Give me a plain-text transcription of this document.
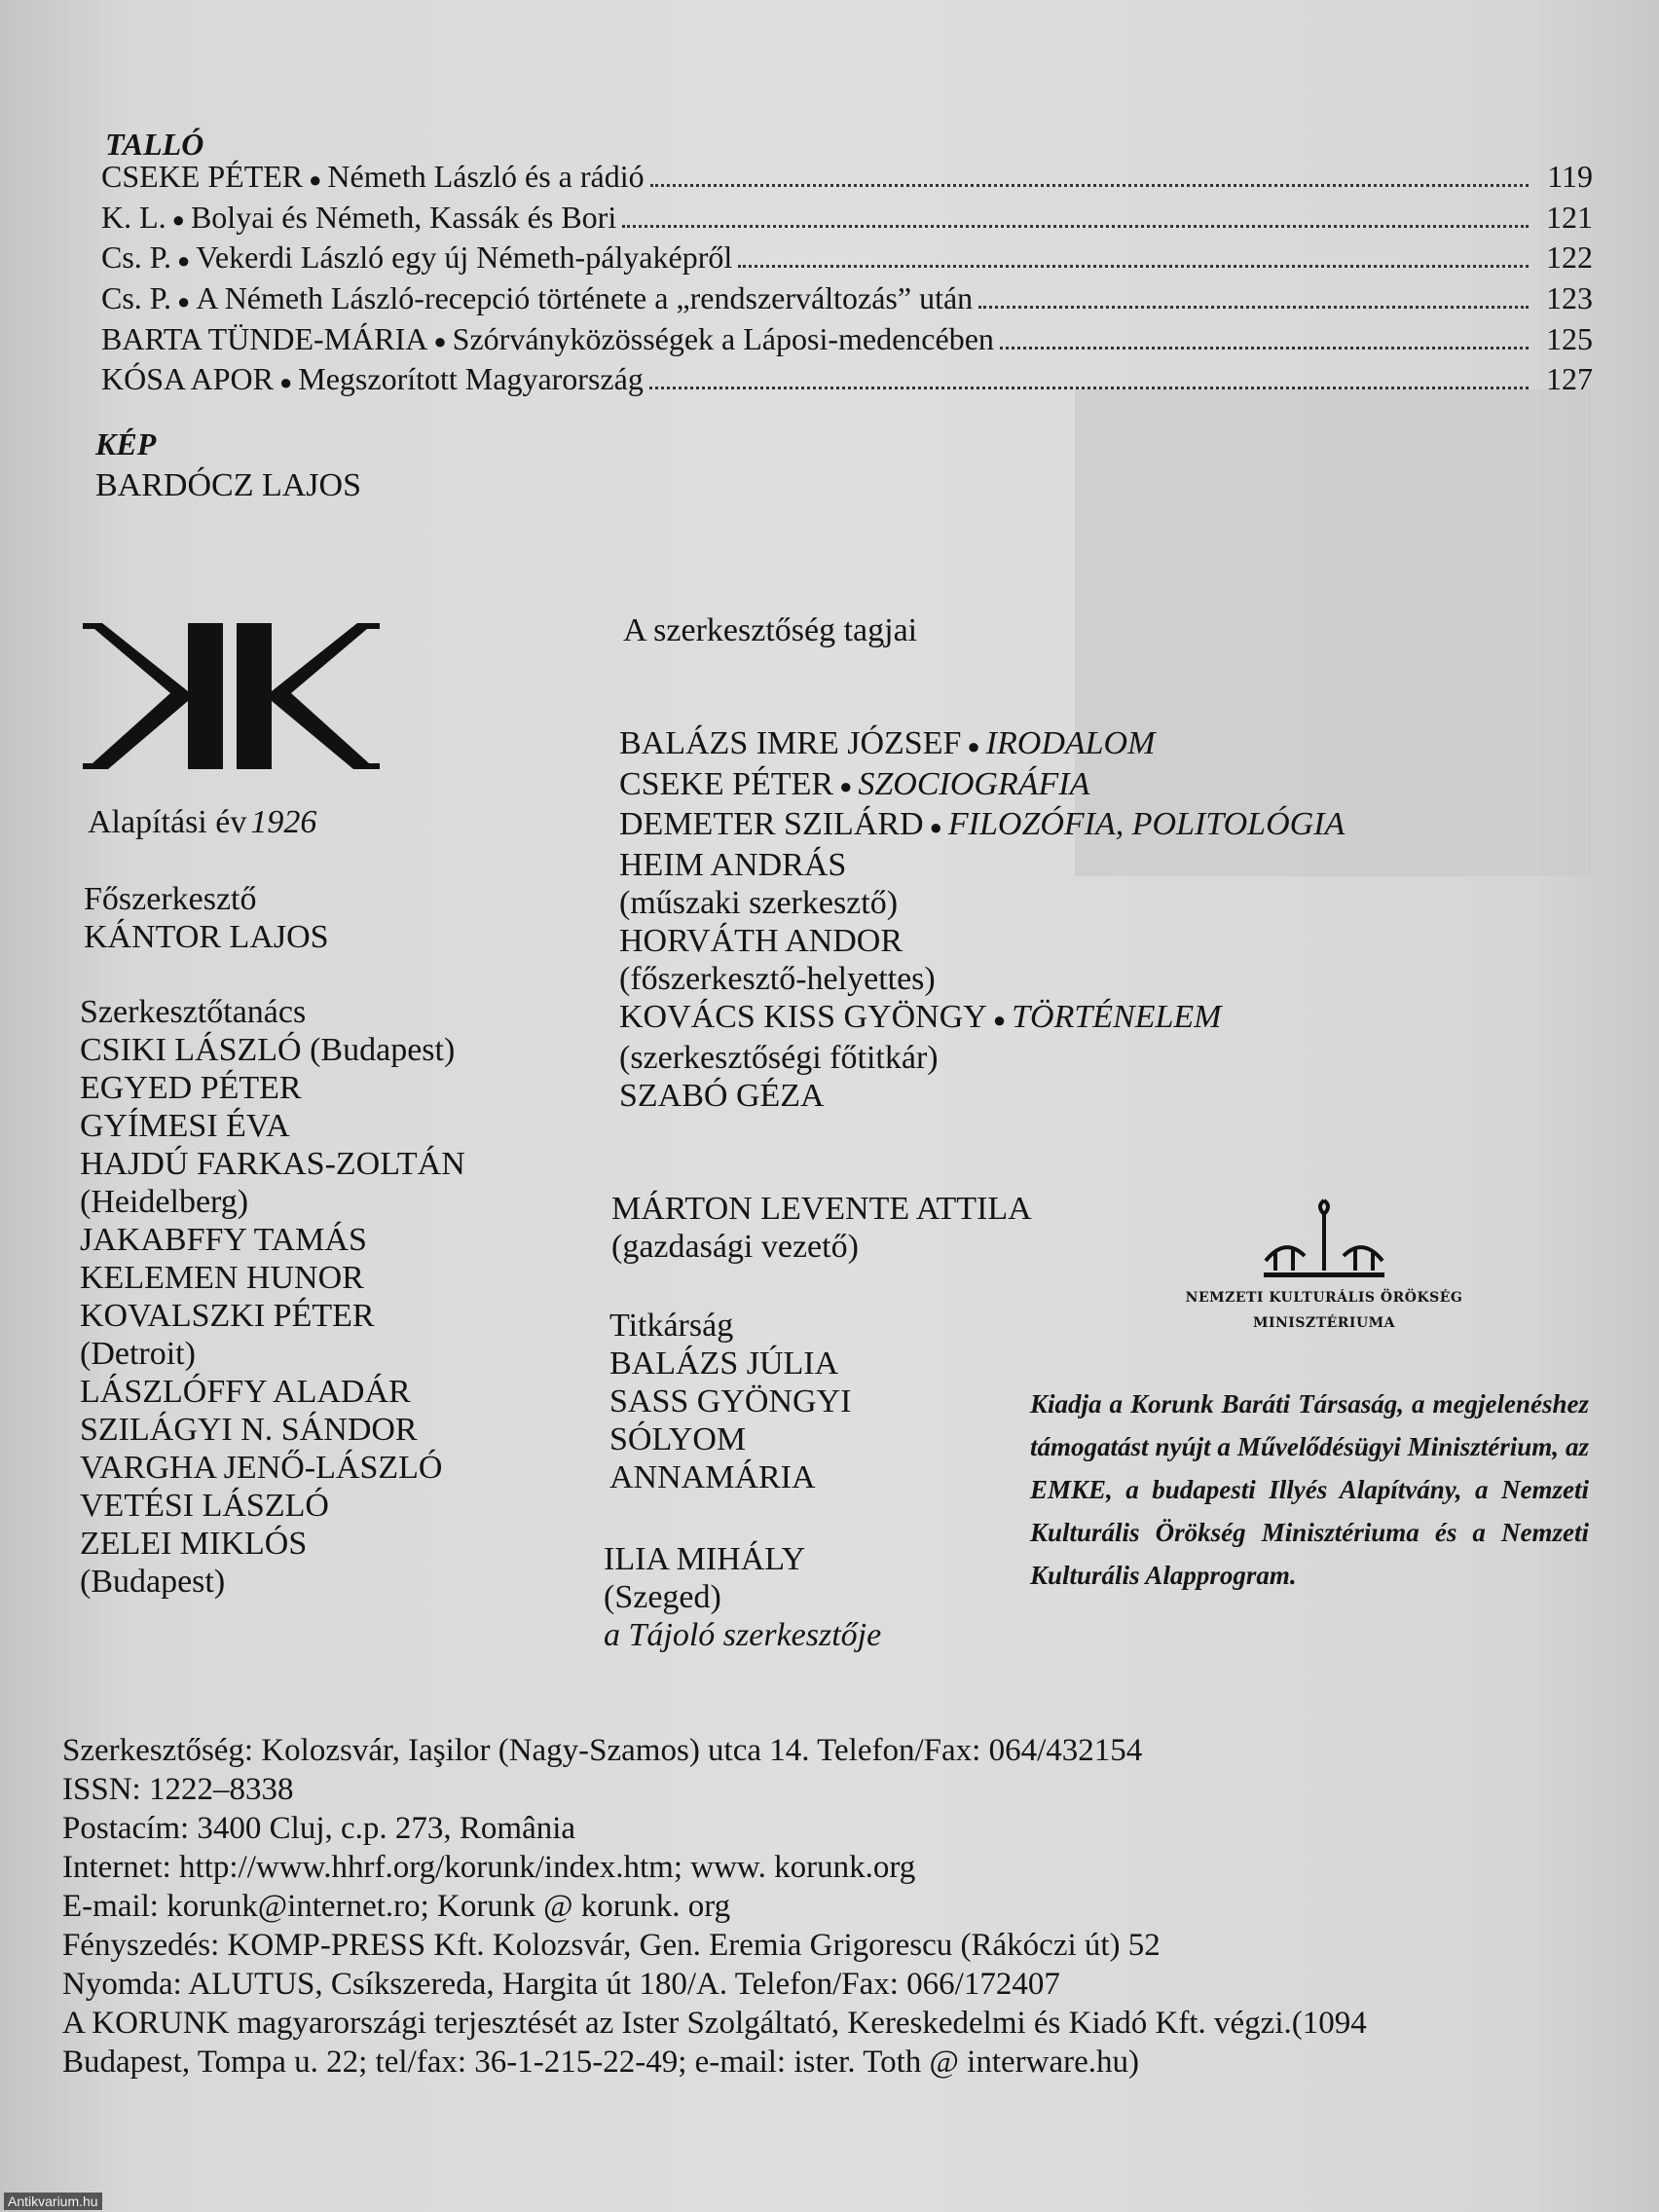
TALLÓ
CSEKE PÉTER ● Németh László és a rádió	119
K. L. ● Bolyai és Németh, Kassák és Bori	121
Cs. P. ● Vekerdi László egy új Németh-pályaképről	122
Cs. P. ● A Németh László-recepció története a „rendszerváltozás” után	123
BARTA TÜNDE-MÁRIA ● Szórványközösségek a Láposi-medencében	125
KÓSA APOR ● Megszorított Magyarország	127
KÉP
BARDÓCZ LAJOS
Alapítási év 1926
Főszerkesztő
KÁNTOR LAJOS
Szerkesztőtanács
CSIKI LÁSZLÓ (Budapest)
EGYED PÉTER
GYÍMESI ÉVA
HAJDÚ FARKAS-ZOLTÁN
(Heidelberg)
JAKABFFY TAMÁS
KELEMEN HUNOR
KOVALSZKI PÉTER
(Detroit)
LÁSZLÓFFY ALADÁR
SZILÁGYI N. SÁNDOR
VARGHA JENŐ-LÁSZLÓ
VETÉSI LÁSZLÓ
ZELEI MIKLÓS
(Budapest)
A szerkesztőség tagjai
BALÁZS IMRE JÓZSEF ● IRODALOM
CSEKE PÉTER ● SZOCIOGRÁFIA
DEMETER SZILÁRD ● FILOZÓFIA, POLITOLÓGIA
HEIM ANDRÁS
(műszaki szerkesztő)
HORVÁTH ANDOR
(főszerkesztő-helyettes)
KOVÁCS KISS GYÖNGY ● TÖRTÉNELEM
(szerkesztőségi főtitkár)
SZABÓ GÉZA
MÁRTON LEVENTE ATTILA
(gazdasági vezető)
Titkárság
BALÁZS JÚLIA
SASS GYÖNGYI
SÓLYOM
ANNAMÁRIA
ILIA MIHÁLY
(Szeged)
a Tájoló szerkesztője
NEMZETI KULTURÁLIS ÖRÖKSÉG
MINISZTÉRIUMA
Kiadja a Korunk Baráti Társaság, a megjelenéshez támogatást nyújt a Művelődésügyi Minisztérium, az EMKE, a budapesti Illyés Alapítvány, a Nemzeti Kulturális Örökség Minisztériuma és a Nemzeti Kulturális Alapprogram.
Szerkesztőség: Kolozsvár, Iaşilor (Nagy-Szamos) utca 14. Telefon/Fax: 064/432154
ISSN: 1222–8338
Postacím: 3400 Cluj, c.p. 273, România
Internet: http://www.hhrf.org/korunk/index.htm; www. korunk.org
E-mail: korunk@internet.ro; Korunk @ korunk. org
Fényszedés: KOMP-PRESS Kft. Kolozsvár, Gen. Eremia Grigorescu (Rákóczi út) 52
Nyomda: ALUTUS, Csíkszereda, Hargita út 180/A. Telefon/Fax: 066/172407
A KORUNK magyarországi terjesztését az Ister Szolgáltató, Kereskedelmi és Kiadó Kft. végzi.(1094
Budapest, Tompa u. 22; tel/fax: 36-1-215-22-49; e-mail: ister. Toth @ interware.hu)
Antikvarium.hu
